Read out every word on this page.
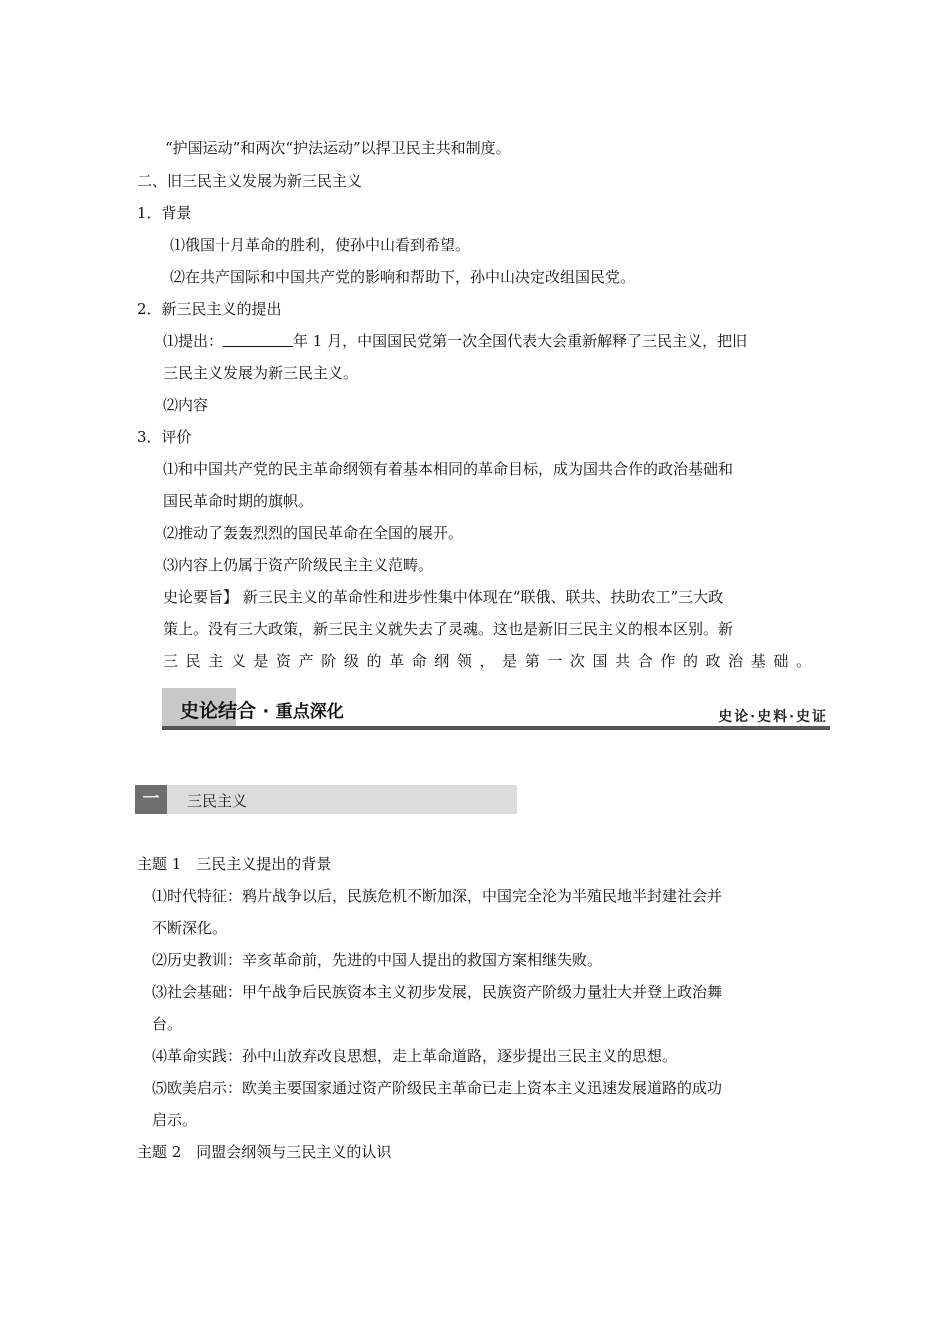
“护国运动”和两次“护法运动”以捍卫民主共和制度。
二、旧三民主义发展为新三民主义
1．背景
⑴俄国十月革命的胜利，使孙中山看到希望。
⑵在共产国际和中国共产党的影响和帮助下，孙中山决定改组国民党。
2．新三民主义的提出
⑴提出：	年 1 月，中国国民党第一次全国代表大会重新解释了三民主义，把旧
三民主义发展为新三民主义。
⑵内容
3．评价
⑴和中国共产党的民主革命纲领有着基本相同的革命目标，成为国共合作的政治基础和
国民革命时期的旗帜。
⑵推动了轰轰烈烈的国民革命在全国的展开。
⑶内容上仍属于资产阶级民主主义范畴。
史论要旨】 新三民主义的革命性和进步性集中体现在“联俄、联共、扶助农工”三大政
策上。没有三大政策，新三民主义就失去了灵魂。这也是新旧三民主义的根本区别。新
三民主义是资产阶级的革命纲领，是第一次国共合作的政治基础。
史论结合 · 重点深化	史论·史料·史证
一	三民主义
主题 1　三民主义提出的背景
⑴时代特征：鸦片战争以后，民族危机不断加深，中国完全沦为半殖民地半封建社会并
不断深化。
⑵历史教训：辛亥革命前，先进的中国人提出的救国方案相继失败。
⑶社会基础：甲午战争后民族资本主义初步发展，民族资产阶级力量壮大并登上政治舞
台。
⑷革命实践：孙中山放弃改良思想，走上革命道路，逐步提出三民主义的思想。
⑸欧美启示：欧美主要国家通过资产阶级民主革命已走上资本主义迅速发展道路的成功
启示。
主题 2　同盟会纲领与三民主义的认识
